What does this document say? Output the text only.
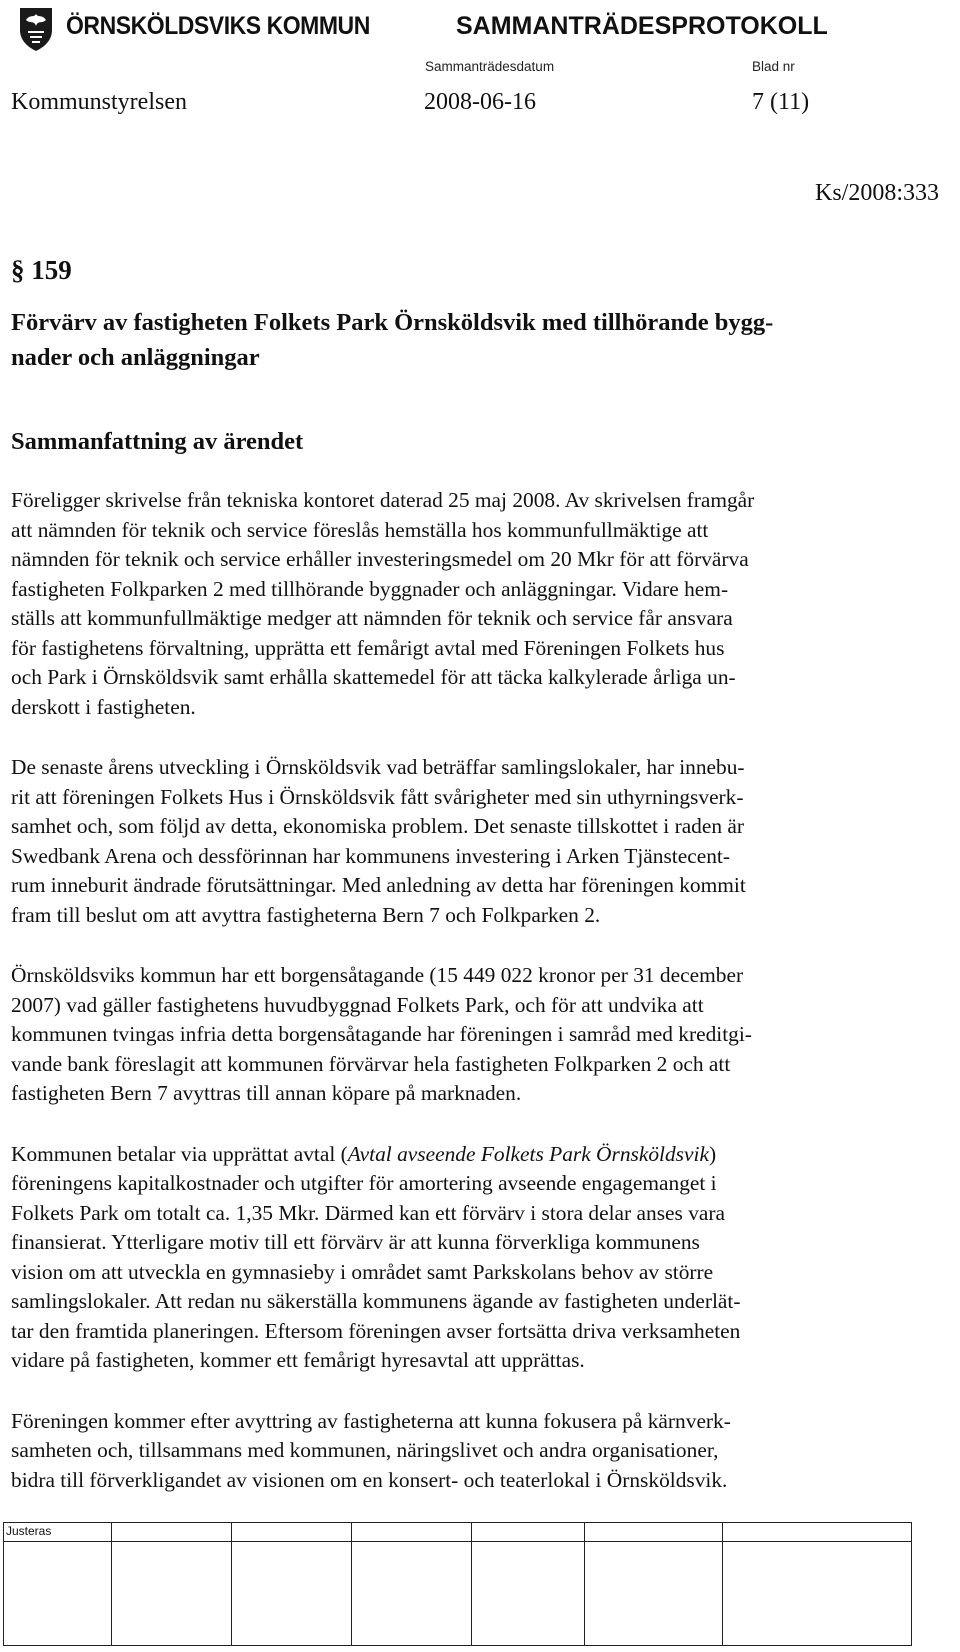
ÖRNSKÖLDSVIKS KOMMUN	SAMMANTRÄDESPROTOKOLL
Sammanträdesdatum	Blad nr
Kommunstyrelsen	2008-06-16	7 (11)
Ks/2008:333
§ 159
Förvärv av fastigheten Folkets Park Örnsköldsvik med tillhörande bygg-
nader och anläggningar
Sammanfattning av ärendet
Föreligger skrivelse från tekniska kontoret daterad 25 maj 2008. Av skrivelsen framgår
att nämnden för teknik och service föreslås hemställa hos kommunfullmäktige att
nämnden för teknik och service erhåller investeringsmedel om 20 Mkr för att förvärva
fastigheten Folkparken 2 med tillhörande byggnader och anläggningar. Vidare hem-
ställs att kommunfullmäktige medger att nämnden för teknik och service får ansvara
för fastighetens förvaltning, upprätta ett femårigt avtal med Föreningen Folkets hus
och Park i Örnsköldsvik samt erhålla skattemedel för att täcka kalkylerade årliga un-
derskott i fastigheten.
De senaste årens utveckling i Örnsköldsvik vad beträffar samlingslokaler, har innebu-
rit att föreningen Folkets Hus i Örnsköldsvik fått svårigheter med sin uthyrningsverk-
samhet och, som följd av detta, ekonomiska problem. Det senaste tillskottet i raden är
Swedbank Arena och dessförinnan har kommunens investering i Arken Tjänstecent-
rum inneburit ändrade förutsättningar. Med anledning av detta har föreningen kommit
fram till beslut om att avyttra fastigheterna Bern 7 och Folkparken 2.
Örnsköldsviks kommun har ett borgensåtagande (15 449 022 kronor per 31 december
2007) vad gäller fastighetens huvudbyggnad Folkets Park, och för att undvika att
kommunen tvingas infria detta borgensåtagande har föreningen i samråd med kreditgi-
vande bank föreslagit att kommunen förvärvar hela fastigheten Folkparken 2 och att
fastigheten Bern 7 avyttras till annan köpare på marknaden.
Kommunen betalar via upprättat avtal (Avtal avseende Folkets Park Örnsköldsvik)
föreningens kapitalkostnader och utgifter för amortering avseende engagemanget i
Folkets Park om totalt ca. 1,35 Mkr. Därmed kan ett förvärv i stora delar anses vara
finansierat. Ytterligare motiv till ett förvärv är att kunna förverkliga kommunens
vision om att utveckla en gymnasieby i området samt Parkskolans behov av större
samlingslokaler. Att redan nu säkerställa kommunens ägande av fastigheten underlät-
tar den framtida planeringen. Eftersom föreningen avser fortsätta driva verksamheten
vidare på fastigheten, kommer ett femårigt hyresavtal att upprättas.
Föreningen kommer efter avyttring av fastigheterna att kunna fokusera på kärnverk-
samheten och, tillsammans med kommunen, näringslivet och andra organisationer,
bidra till förverkligandet av visionen om en konsert- och teaterlokal i Örnsköldsvik.
Justeras
